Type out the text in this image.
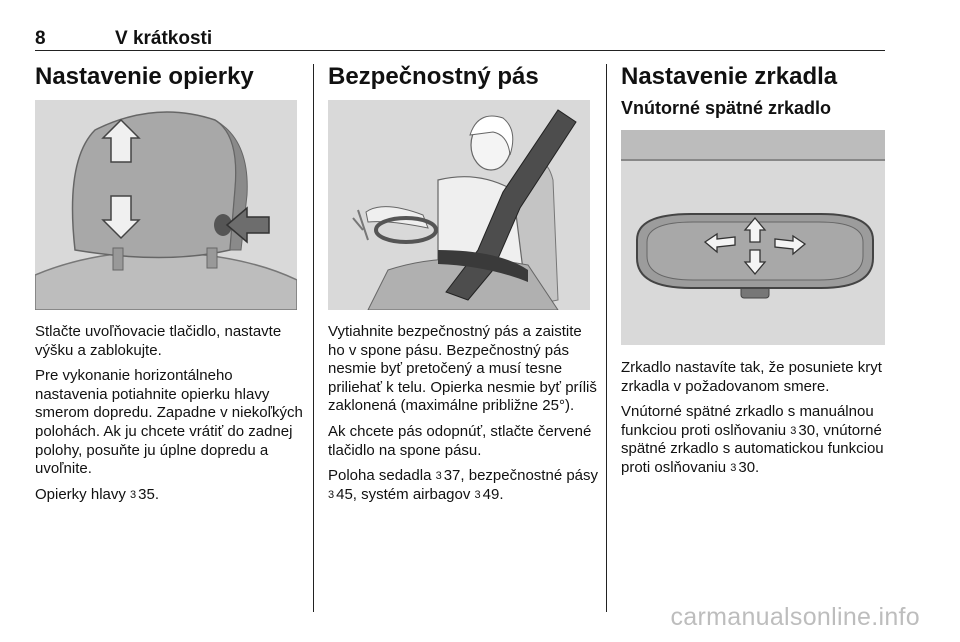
8	V krátkosti
Nastavenie opierky

Stlačte uvoľňovacie tlačidlo, nastavte výšku a zablokujte.

Pre vykonanie horizontálneho nastavenia potiahnite opierku hlavy smerom dopredu. Zapadne v niekoľkých polohách. Ak ju chcete vrátiť do zadnej polohy, posuňte ju úplne dopredu a uvoľnite.

Opierky hlavy 3 35.

Bezpečnostný pás

Vytiahnite bezpečnostný pás a zaistite ho v spone pásu. Bezpečnostný pás nesmie byť pretočený a musí tesne priliehať k telu. Opierka nesmie byť príliš zaklonená (maximálne približne 25°).

Ak chcete pás odopnúť, stlačte červené tlačidlo na spone pásu.

Poloha sedadla 3 37, bezpečnostné pásy 3 45, systém airbagov 3 49.

Nastavenie zrkadla
Vnútorné spätné zrkadlo

Zrkadlo nastavíte tak, že posuniete kryt zrkadla v požadovanom smere.

Vnútorné spätné zrkadlo s manuálnou funkciou proti oslňovaniu 3 30, vnútorné spätné zrkadlo s automatickou funkciou proti oslňovaniu 3 30.

carmanualsonline.info
